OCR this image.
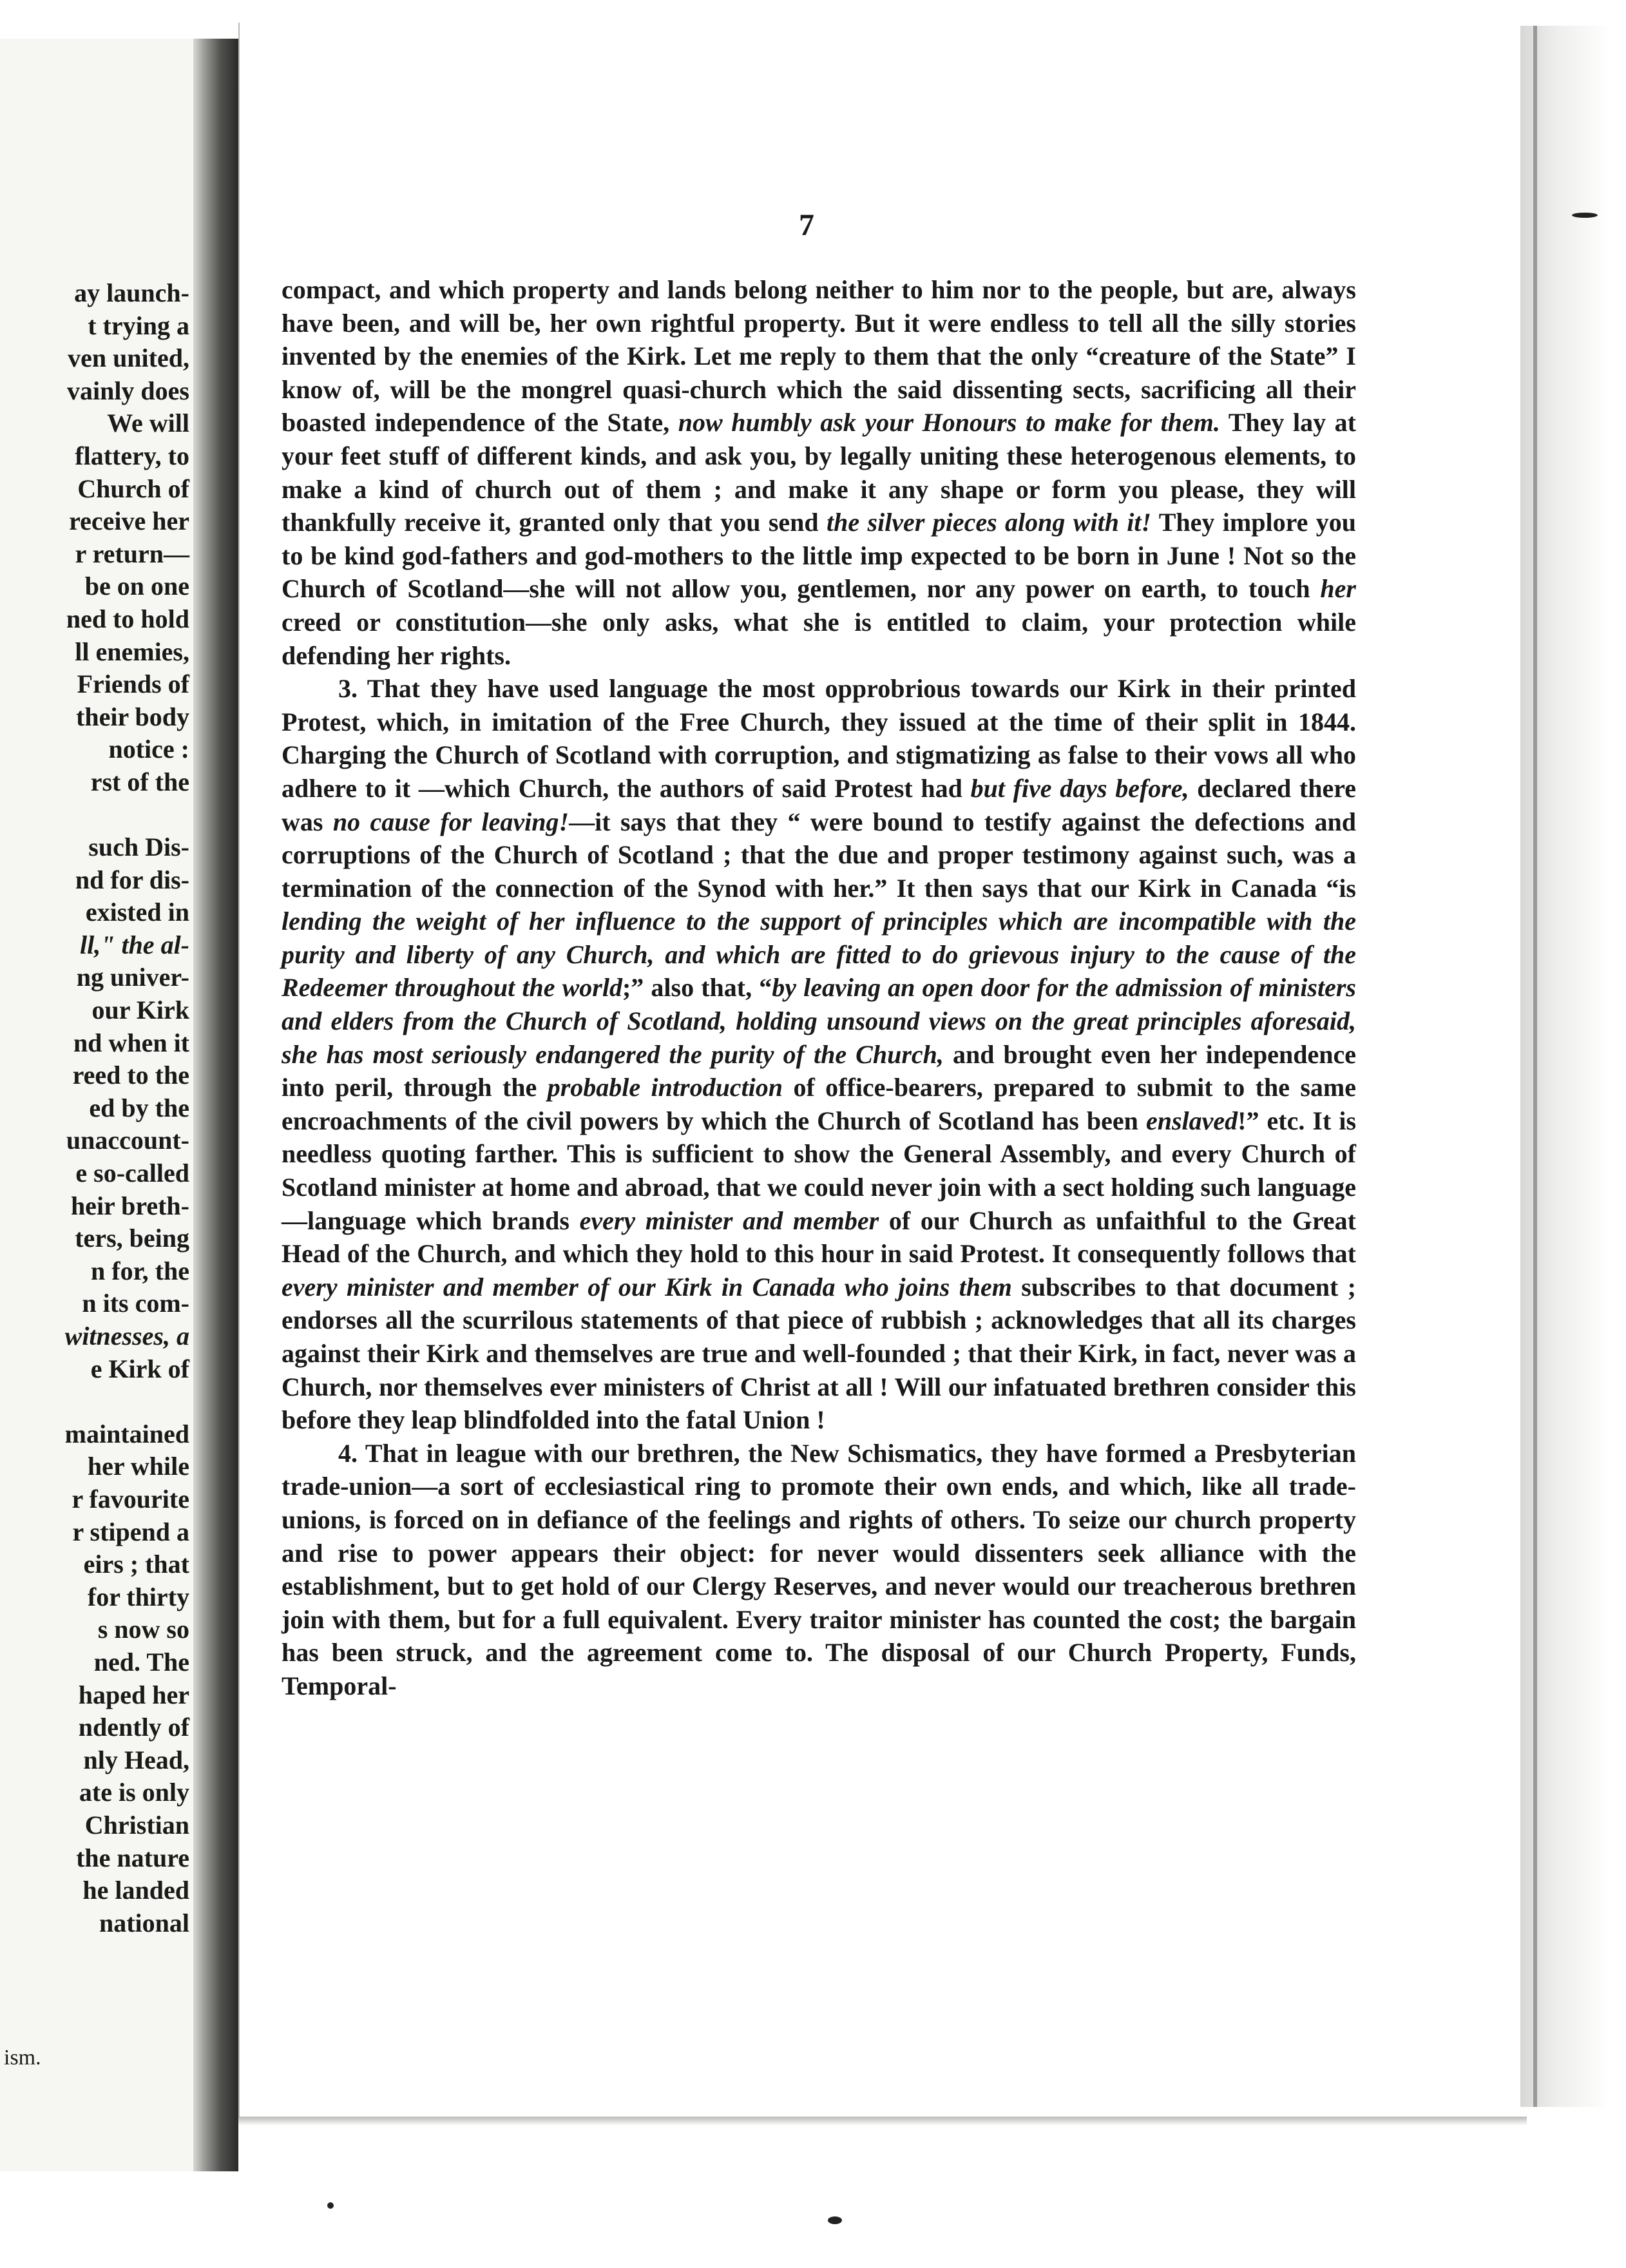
ay launch-
t trying a
ven united,
vainly does
We will
flattery, to
Church of
receive her
r return—
be on one
ned to hold
ll enemies,
Friends of
their body
notice :
rst of the
such Dis-
nd for dis-
existed in
ll," the al-
ng univer-
our Kirk
nd when it
reed to the
ed by the
unaccount-
e so-called
heir breth-
ters, being
n for, the
n its com-
witnesses, a
e Kirk of
maintained
her while
r favourite
r stipend a
eirs ; that
for thirty
s now so
ned. The
haped her
ndently of
nly Head,
ate is only
Christian
the nature
he landed
national
ism.
7

compact, and which property and lands belong neither to him nor to the people, but are, always have been, and will be, her own rightful property. But it were endless to tell all the silly stories invented by the enemies of the Kirk. Let me reply to them that the only “creature of the State” I know of, will be the mongrel quasi-church which the said dissenting sects, sacrificing all their boasted independence of the State, now humbly ask your Honours to make for them. They lay at your feet stuff of different kinds, and ask you, by legally uniting these heterogenous elements, to make a kind of church out of them ; and make it any shape or form you please, they will thankfully receive it, granted only that you send the silver pieces along with it! They implore you to be kind god-fathers and god-mothers to the little imp expected to be born in June ! Not so the Church of Scotland—she will not allow you, gentlemen, nor any power on earth, to touch her creed or constitution—she only asks, what she is entitled to claim, your protection while defending her rights.

3. That they have used language the most opprobrious towards our Kirk in their printed Protest, which, in imitation of the Free Church, they issued at the time of their split in 1844. Charging the Church of Scotland with corruption, and stigmatizing as false to their vows all who adhere to it —which Church, the authors of said Protest had but five days before, declared there was no cause for leaving!—it says that they “ were bound to testify against the defections and corruptions of the Church of Scotland ; that the due and proper testimony against such, was a termination of the connection of the Synod with her.” It then says that our Kirk in Canada “is lending the weight of her influence to the support of principles which are incompatible with the purity and liberty of any Church, and which are fitted to do grievous injury to the cause of the Redeemer throughout the world;” also that, “by leaving an open door for the admission of ministers and elders from the Church of Scotland, holding unsound views on the great principles aforesaid, she has most seriously endangered the purity of the Church, and brought even her independence into peril, through the probable introduction of office-bearers, prepared to submit to the same encroachments of the civil powers by which the Church of Scotland has been enslaved!” etc. It is needless quoting farther. This is sufficient to show the General Assembly, and every Church of Scotland minister at home and abroad, that we could never join with a sect holding such language—language which brands every minister and member of our Church as unfaithful to the Great Head of the Church, and which they hold to this hour in said Protest. It consequently follows that every minister and member of our Kirk in Canada who joins them subscribes to that document ; endorses all the scurrilous statements of that piece of rubbish ; acknowledges that all its charges against their Kirk and themselves are true and well-founded ; that their Kirk, in fact, never was a Church, nor themselves ever ministers of Christ at all ! Will our infatuated brethren consider this before they leap blindfolded into the fatal Union !

4. That in league with our brethren, the New Schismatics, they have formed a Presbyterian trade-union—a sort of ecclesiastical ring to promote their own ends, and which, like all trade-unions, is forced on in defiance of the feelings and rights of others. To seize our church property and rise to power appears their object: for never would dissenters seek alliance with the establishment, but to get hold of our Clergy Reserves, and never would our treacherous brethren join with them, but for a full equivalent. Every traitor minister has counted the cost; the bargain has been struck, and the agreement come to. The disposal of our Church Property, Funds, Temporal-
